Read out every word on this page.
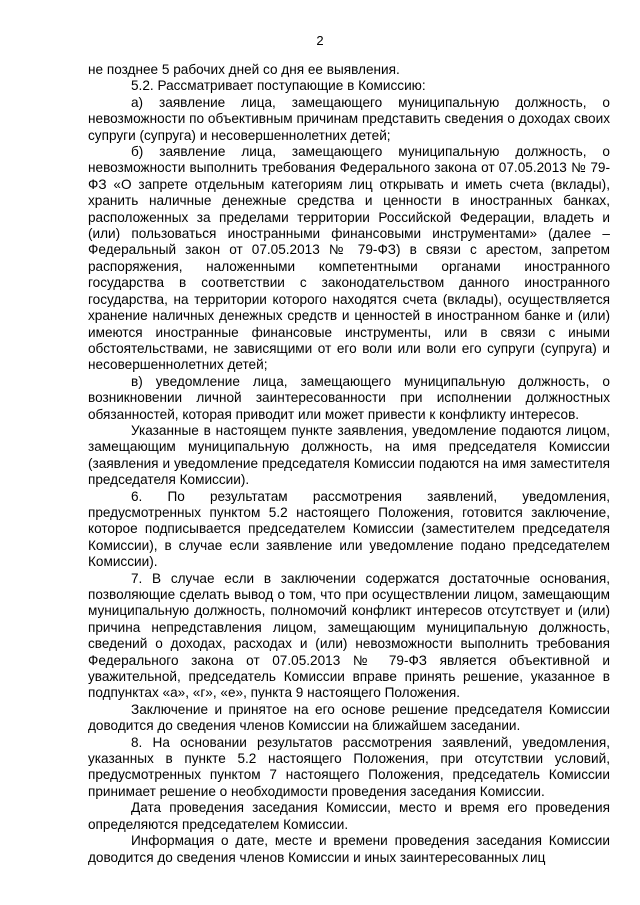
2

не позднее 5 рабочих дней со дня ее выявления.

5.2. Рассматривает поступающие в Комиссию:

а) заявление лица, замещающего муниципальную должность, о невозможности по объективным причинам представить сведения о доходах своих супруги (супруга) и несовершеннолетних детей;

б) заявление лица, замещающего муниципальную должность, о невозможности выполнить требования Федерального закона от 07.05.2013 № 79-ФЗ «О запрете отдельным категориям лиц открывать и иметь счета (вклады), хранить наличные денежные средства и ценности в иностранных банках, расположенных за пределами территории Российской Федерации, владеть и (или) пользоваться иностранными финансовыми инструментами» (далее – Федеральный закон от 07.05.2013 № 79-ФЗ) в связи с арестом, запретом распоряжения, наложенными компетентными органами иностранного государства в соответствии с законодательством данного иностранного государства, на территории которого находятся счета (вклады), осуществляется хранение наличных денежных средств и ценностей в иностранном банке и (или) имеются иностранные финансовые инструменты, или в связи с иными обстоятельствами, не зависящими от его воли или воли его супруги (супруга) и несовершеннолетних детей;

в) уведомление лица, замещающего муниципальную должность, о возникновении личной заинтересованности при исполнении должностных обязанностей, которая приводит или может привести к конфликту интересов.

Указанные в настоящем пункте заявления, уведомление подаются лицом, замещающим муниципальную должность, на имя председателя Комиссии (заявления и уведомление председателя Комиссии подаются на имя заместителя председателя Комиссии).

6. По результатам рассмотрения заявлений, уведомления, предусмотренных пунктом 5.2 настоящего Положения, готовится заключение, которое подписывается председателем Комиссии (заместителем председателя Комиссии), в случае если заявление или уведомление подано председателем Комиссии).

7. В случае если в заключении содержатся достаточные основания, позволяющие сделать вывод о том, что при осуществлении лицом, замещающим муниципальную должность, полномочий конфликт интересов отсутствует и (или) причина непредставления лицом, замещающим муниципальную должность, сведений о доходах, расходах и (или) невозможности выполнить требования Федерального закона от 07.05.2013 № 79-ФЗ является объективной и уважительной, председатель Комиссии вправе принять решение, указанное в подпунктах «а», «г», «е», пункта 9 настоящего Положения.

Заключение и принятое на его основе решение председателя Комиссии доводится до сведения членов Комиссии на ближайшем заседании.

8. На основании результатов рассмотрения заявлений, уведомления, указанных в пункте 5.2 настоящего Положения, при отсутствии условий, предусмотренных пунктом 7 настоящего Положения, председатель Комиссии принимает решение о необходимости проведения заседания Комиссии.

Дата проведения заседания Комиссии, место и время его проведения определяются председателем Комиссии.

Информация о дате, месте и времени проведения заседания Комиссии доводится до сведения членов Комиссии и иных заинтересованных лиц
